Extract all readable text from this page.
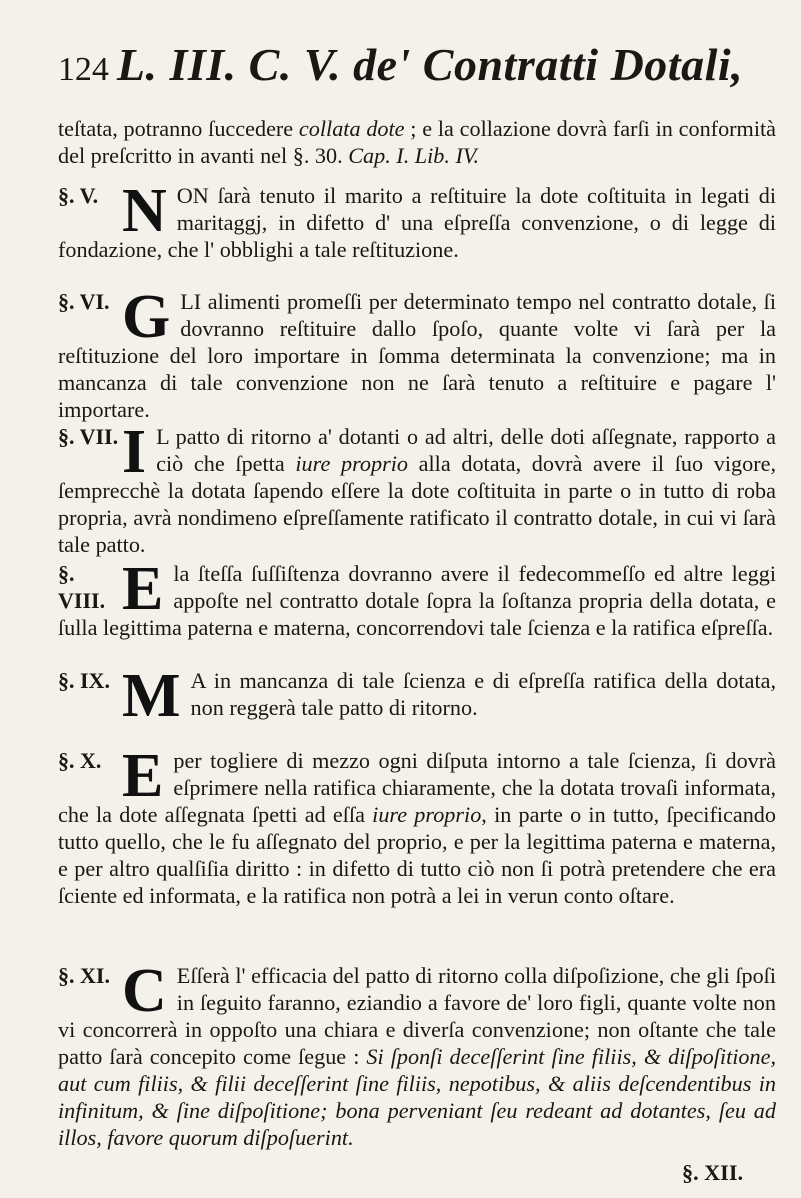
124 L. III. C. V. de' Contratti Dotali,
teſtata, potranno ſuccedere collata dote ; e la collazione dovrà farſi in conformità del preſcritto in avanti nel §. 30. Cap. I. Lib. IV.
§. V. N ON ſarà tenuto il marito a reſtituire la dote coſtituita in legati di maritaggj, in difetto d' una eſpreſſa convenzione, o di legge di fondazione, che l' obblighi a tale reſtituzione.
§. VI. G LI alimenti promeſſi per determinato tempo nel contratto dotale, ſi dovranno reſtituire dallo ſpoſo, quante volte vi ſarà per la reſtituzione del loro importare in ſomma determinata la convenzione; ma in mancanza di tale convenzione non ne ſarà tenuto a reſtituire e pagare l' importare.
§. VII. I L patto di ritorno a' dotanti o ad altri, delle doti aſſegnate, rapporto a ciò che ſpetta iure proprio alla dotata, dovrà avere il ſuo vigore, ſemprecchè la dotata ſapendo eſſere la dote coſtituita in parte o in tutto di roba propria, avrà nondimeno eſpreſſamente ratificato il contratto dotale, in cui vi ſarà tale patto.
§. VIII. E la ſteſſa ſuſſiſtenza dovranno avere il fedecommeſſo ed altre leggi appoſte nel contratto dotale ſopra la ſoſtanza propria della dotata, e ſulla legittima paterna e materna, concorrendovi tale ſcienza e la ratifica eſpreſſa.
§. IX. M A in mancanza di tale ſcienza e di eſpreſſa ratifica della dotata, non reggerà tale patto di ritorno.
§. X. E per togliere di mezzo ogni diſputa intorno a tale ſcienza, ſi dovrà eſprimere nella ratifica chiaramente, che la dotata trovaſi informata, che la dote aſſegnata ſpetti ad eſſa iure proprio, in parte o in tutto, ſpecificando tutto quello, che le fu aſſegnato del proprio, e per la legittima paterna e materna, e per altro qualſiſia diritto : in difetto di tutto ciò non ſi potrà pretendere che era ſciente ed informata, e la ratifica non potrà a lei in verun conto oſtare.
§. XI. C Eſſerà l' efficacia del patto di ritorno colla diſpoſizione, che gli ſpoſi in ſeguito faranno, eziandio a favore de' loro figli, quante volte non vi concorrerà in oppoſto una chiara e diverſa convenzione; non oſtante che tale patto ſarà concepito come ſegue : Si ſponſi deceſſerint ſine filiis, & diſpoſitione, aut cum filiis, & filii deceſſerint ſine filiis, nepotibus, & aliis deſcendentibus in infinitum, & ſine diſpoſitione; bona perveniant ſeu redeant ad dotantes, ſeu ad illos, favore quorum diſpoſuerint.
§. XII.
